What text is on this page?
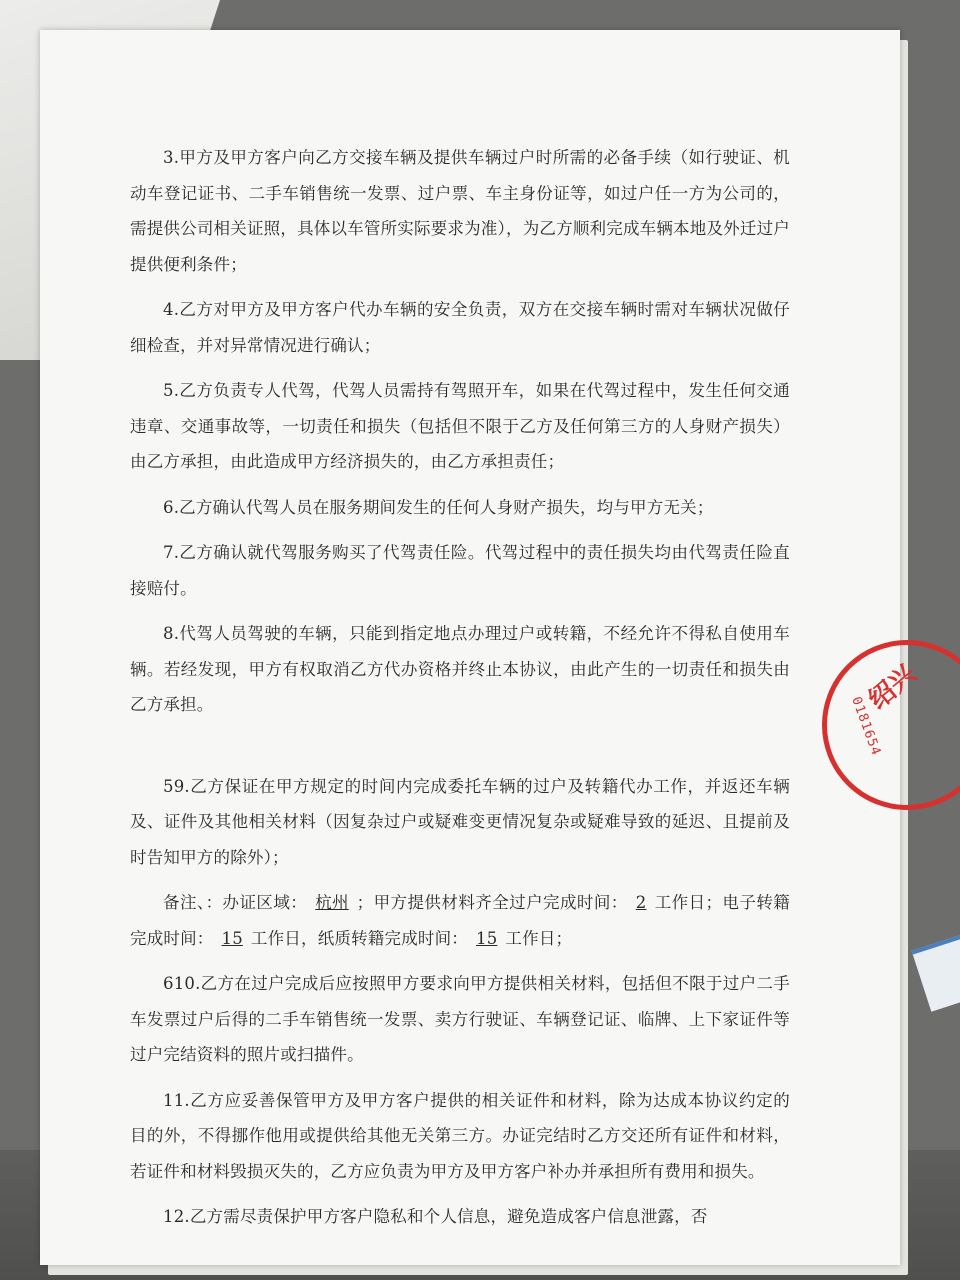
3.甲方及甲方客户向乙方交接车辆及提供车辆过户时所需的必备手续（如行驶证、机动车登记证书、二手车销售统一发票、过户票、车主身份证等，如过户任一方为公司的，需提供公司相关证照，具体以车管所实际要求为准），为乙方顺利完成车辆本地及外迁过户提供便利条件；

4.乙方对甲方及甲方客户代办车辆的安全负责，双方在交接车辆时需对车辆状况做仔细检查，并对异常情况进行确认；

5.乙方负责专人代驾，代驾人员需持有驾照开车，如果在代驾过程中，发生任何交通违章、交通事故等，一切责任和损失（包括但不限于乙方及任何第三方的人身财产损失）由乙方承担，由此造成甲方经济损失的，由乙方承担责任；

6.乙方确认代驾人员在服务期间发生的任何人身财产损失，均与甲方无关；

7.乙方确认就代驾服务购买了代驾责任险。代驾过程中的责任损失均由代驾责任险直接赔付。

8.代驾人员驾驶的车辆，只能到指定地点办理过户或转籍，不经允许不得私自使用车辆。若经发现，甲方有权取消乙方代办资格并终止本协议，由此产生的一切责任和损失由乙方承担。

59.乙方保证在甲方规定的时间内完成委托车辆的过户及转籍代办工作，并返还车辆及、证件及其他相关材料（因复杂过户或疑难变更情况复杂或疑难导致的延迟、且提前及时告知甲方的除外）；

备注、：办证区域： 杭州 ；甲方提供材料齐全过户完成时间： 2 工作日；电子转籍完成时间： 15 工作日，纸质转籍完成时间： 15 工作日；

610.乙方在过户完成后应按照甲方要求向甲方提供相关材料，包括但不限于过户二手车发票过户后得的二手车销售统一发票、卖方行驶证、车辆登记证、临牌、上下家证件等过户完结资料的照片或扫描件。

11.乙方应妥善保管甲方及甲方客户提供的相关证件和材料，除为达成本协议约定的目的外，不得挪作他用或提供给其他无关第三方。办证完结时乙方交还所有证件和材料，若证件和材料毁损灭失的，乙方应负责为甲方及甲方客户补办并承担所有费用和损失。

12.乙方需尽责保护甲方客户隐私和个人信息，避免造成客户信息泄露，否

绍兴
0181654
